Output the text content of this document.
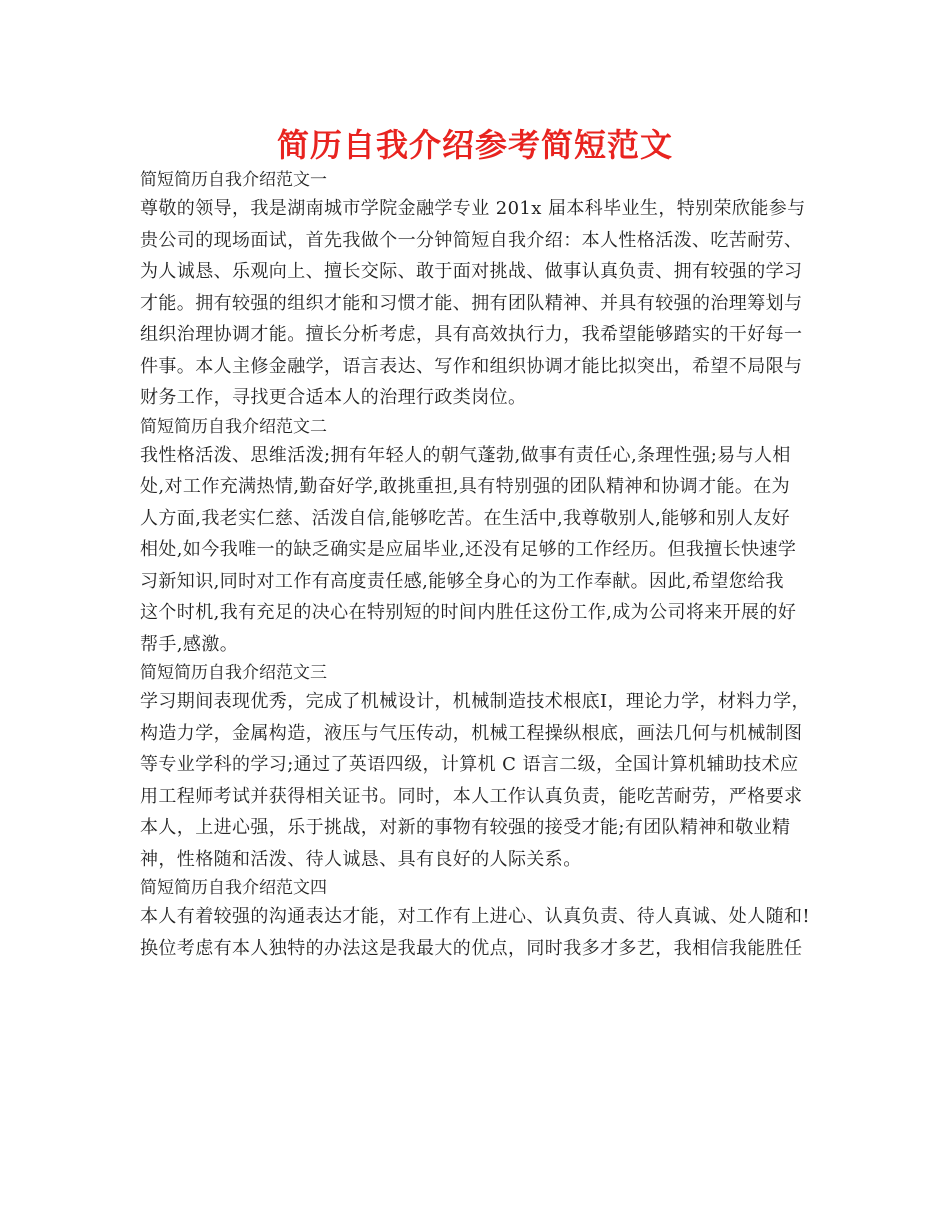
简历自我介绍参考简短范文
简短简历自我介绍范文一
尊敬的领导，我是湖南城市学院金融学专业 201x 届本科毕业生，特别荣欣能参与
贵公司的现场面试，首先我做个一分钟简短自我介绍：本人性格活泼、吃苦耐劳、
为人诚恳、乐观向上、擅长交际、敢于面对挑战、做事认真负责、拥有较强的学习
才能。拥有较强的组织才能和习惯才能、拥有团队精神、并具有较强的治理筹划与
组织治理协调才能。擅长分析考虑，具有高效执行力，我希望能够踏实的干好每一
件事。本人主修金融学，语言表达、写作和组织协调才能比拟突出，希望不局限与
财务工作，寻找更合适本人的治理行政类岗位。
简短简历自我介绍范文二
我性格活泼、思维活泼;拥有年轻人的朝气蓬勃,做事有责任心,条理性强;易与人相
处,对工作充满热情,勤奋好学,敢挑重担,具有特别强的团队精神和协调才能。在为
人方面,我老实仁慈、活泼自信,能够吃苦。在生活中,我尊敬别人,能够和别人友好
相处,如今我唯一的缺乏确实是应届毕业,还没有足够的工作经历。但我擅长快速学
习新知识,同时对工作有高度责任感,能够全身心的为工作奉献。因此,希望您给我
这个时机,我有充足的决心在特别短的时间内胜任这份工作,成为公司将来开展的好
帮手,感激。
简短简历自我介绍范文三
学习期间表现优秀，完成了机械设计，机械制造技术根底Ⅰ，理论力学，材料力学，
构造力学，金属构造，液压与气压传动，机械工程操纵根底，画法几何与机械制图
等专业学科的学习;通过了英语四级，计算机 C 语言二级，全国计算机辅助技术应
用工程师考试并获得相关证书。同时，本人工作认真负责，能吃苦耐劳，严格要求
本人，上进心强，乐于挑战，对新的事物有较强的接受才能;有团队精神和敬业精
神，性格随和活泼、待人诚恳、具有良好的人际关系。
简短简历自我介绍范文四
本人有着较强的沟通表达才能，对工作有上进心、认真负责、待人真诚、处人随和!
换位考虑有本人独特的办法这是我最大的优点，同时我多才多艺，我相信我能胜任
